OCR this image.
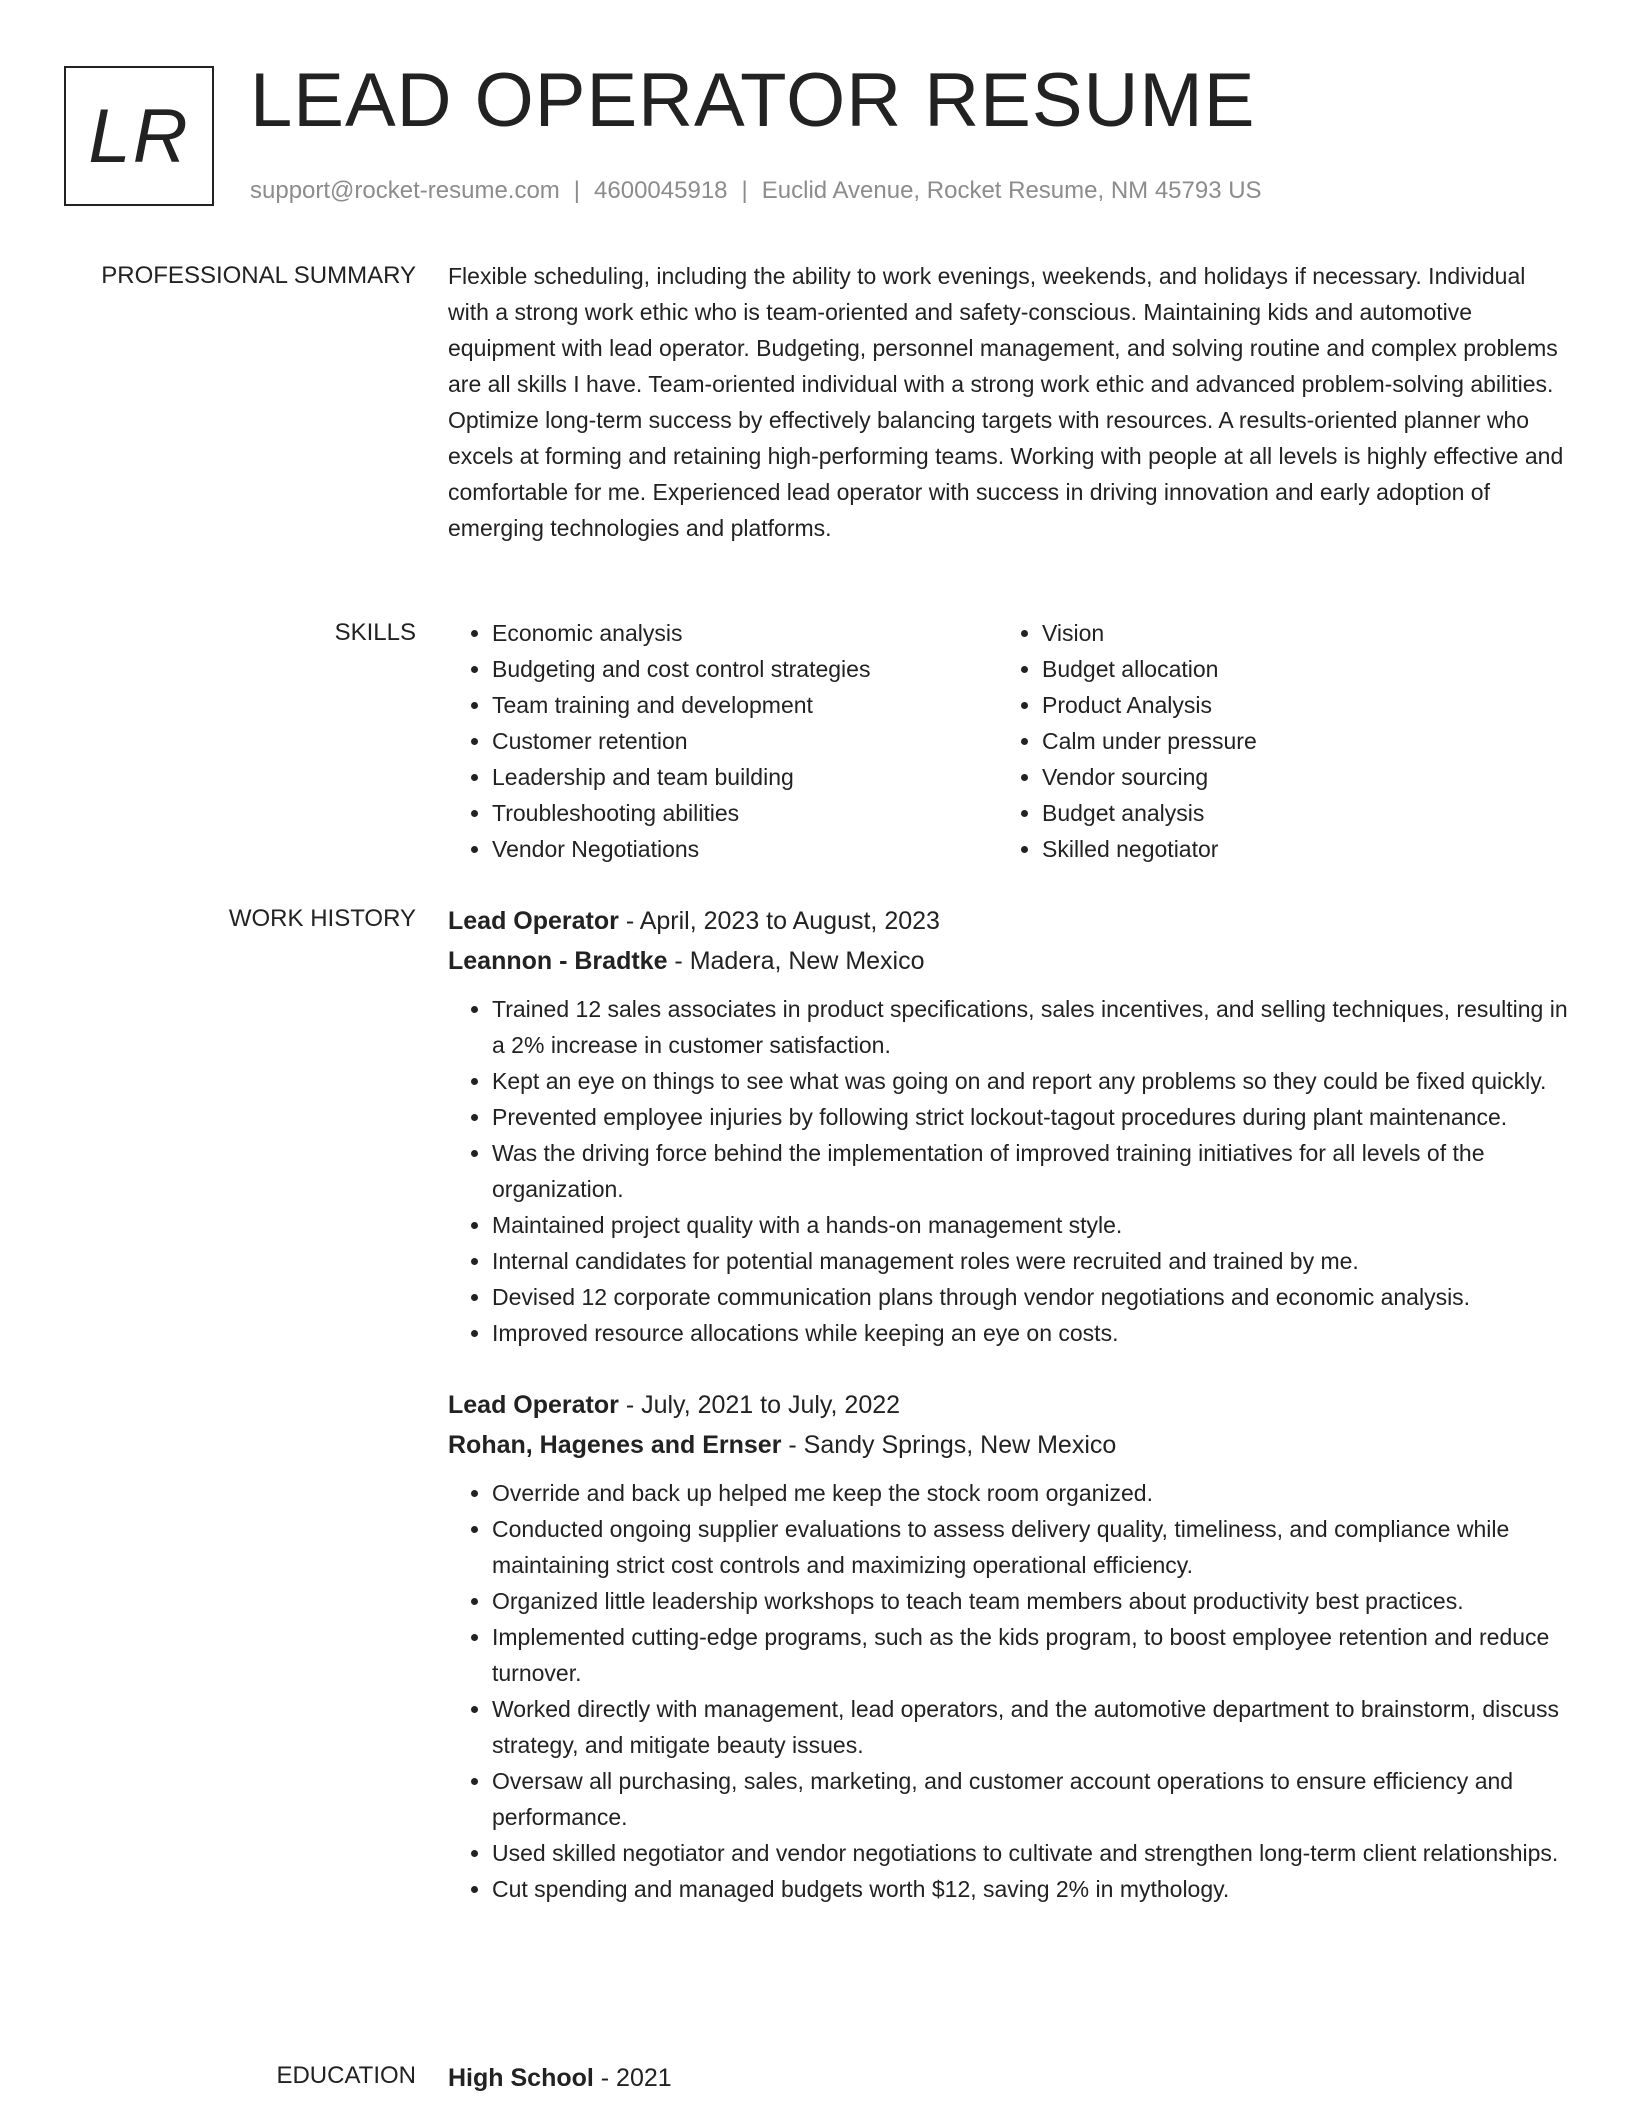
LR LEAD OPERATOR RESUME
support@rocket-resume.com | 4600045918 | Euclid Avenue, Rocket Resume, NM 45793 US
PROFESSIONAL SUMMARY Flexible scheduling, including the ability to work evenings, weekends, and holidays if necessary. Individual with a strong work ethic who is team-oriented and safety-conscious. Maintaining kids and automotive equipment with lead operator. Budgeting, personnel management, and solving routine and complex problems are all skills I have. Team-oriented individual with a strong work ethic and advanced problem-solving abilities. Optimize long-term success by effectively balancing targets with resources. A results-oriented planner who excels at forming and retaining high-performing teams. Working with people at all levels is highly effective and comfortable for me. Experienced lead operator with success in driving innovation and early adoption of emerging technologies and platforms.

SKILLS
•	Economic analysis
• Budgeting and cost control strategies
• Team training and development
• Customer retention
• Leadership and team building
• Troubleshooting abilities
• Vendor Negotiations
• Vision
• Budget allocation
• Product Analysis
• Calm under pressure
• Vendor sourcing
• Budget analysis
• Skilled negotiator
WORK HISTORY Lead Operator - April, 2023 to August, 2023
Leannon - Bradtke - Madera, New Mexico
• Trained 12 sales associates in product specifications, sales incentives, and selling techniques, resulting in a 2% increase in customer satisfaction.
• Kept an eye on things to see what was going on and report any problems so they could be fixed quickly.
• Prevented employee injuries by following strict lockout-tagout procedures during plant maintenance.
• Was the driving force behind the implementation of improved training initiatives for all levels of the organization.
• Maintained project quality with a hands-on management style.
• Internal candidates for potential management roles were recruited and trained by me.
• Devised 12 corporate communication plans through vendor negotiations and economic analysis.
• Improved resource allocations while keeping an eye on costs.
Lead Operator - July, 2021 to July, 2022
Rohan, Hagenes and Ernser - Sandy Springs, New Mexico
• Override and back up helped me keep the stock room organized.
• Conducted ongoing supplier evaluations to assess delivery quality, timeliness, and compliance while maintaining strict cost controls and maximizing operational efficiency.
• Organized little leadership workshops to teach team members about productivity best practices.
• Implemented cutting-edge programs, such as the kids program, to boost employee retention and reduce turnover.
• Worked directly with management, lead operators, and the automotive department to brainstorm, discuss strategy, and mitigate beauty issues.
• Oversaw all purchasing, sales, marketing, and customer account operations to ensure efficiency and performance.
• Used skilled negotiator and vendor negotiations to cultivate and strengthen long-term client relationships.
• Cut spending and managed budgets worth $12, saving 2% in mythology.
EDUCATION High School - 2021
